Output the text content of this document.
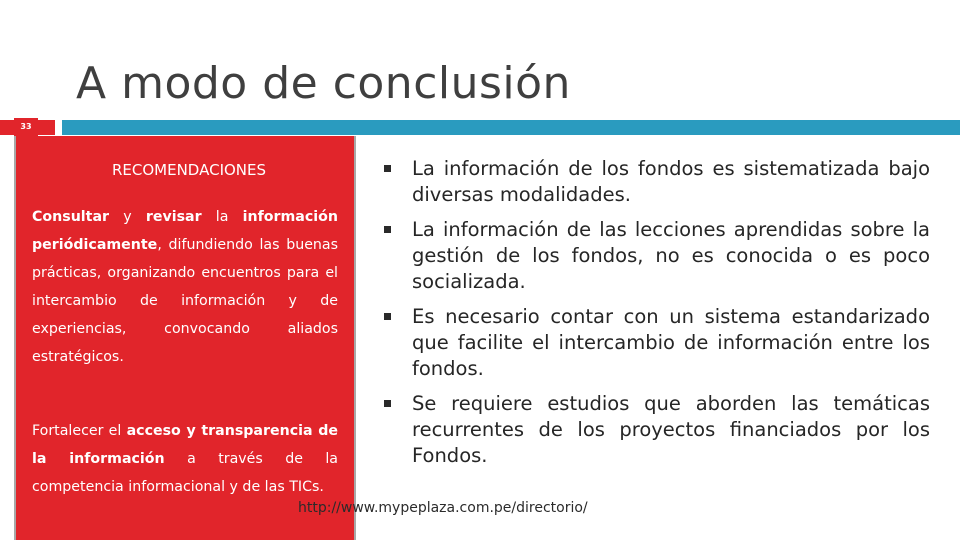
A modo de conclusión
33
RECOMENDACIONES

Consultar y revisar la información periódicamente, difundiendo las buenas prácticas, organizando encuentros para el intercambio de información y de experiencias, convocando aliados estratégicos.

Fortalecer el acceso y transparencia de la información a través de la competencia informacional y de las TICs.

La información de los fondos es sistematizada bajo diversas modalidades.
La información de las lecciones aprendidas sobre la gestión de los fondos, no es conocida o es poco socializada.
Es necesario contar con un sistema estandarizado que facilite el intercambio de información entre los fondos.
Se requiere estudios que aborden las temáticas recurrentes de los proyectos financiados por los Fondos.
http://www.mypeplaza.com.pe/directorio/
